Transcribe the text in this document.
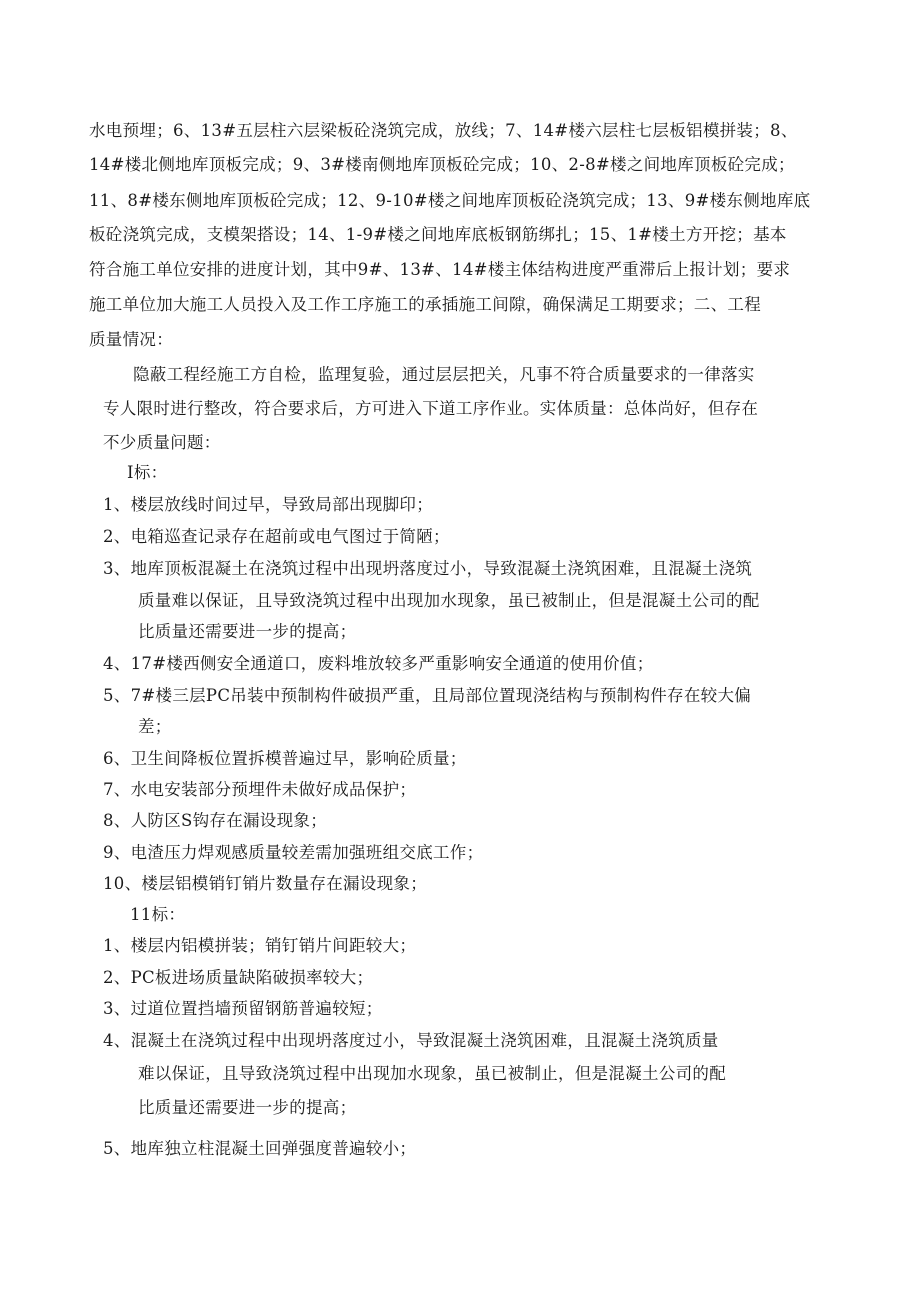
水电预埋；6、13#五层柱六层梁板砼浇筑完成，放线；7、14#楼六层柱七层板铝模拼装；8、
14#楼北侧地库顶板完成；9、3#楼南侧地库顶板砼完成；10、2-8#楼之间地库顶板砼完成；
11、8#楼东侧地库顶板砼完成；12、9-10#楼之间地库顶板砼浇筑完成；13、9#楼东侧地库底
板砼浇筑完成，支模架搭设；14、1-9#楼之间地库底板钢筋绑扎；15、1#楼土方开挖；基本
符合施工单位安排的进度计划，其中9#、13#、14#楼主体结构进度严重滞后上报计划；要求
施工单位加大施工人员投入及工作工序施工的承插施工间隙，确保满足工期要求；二、工程
质量情况：
隐蔽工程经施工方自检，监理复验，通过层层把关，凡事不符合质量要求的一律落实
专人限时进行整改，符合要求后，方可进入下道工序作业。实体质量：总体尚好，但存在
不少质量问题：
I标：
1、楼层放线时间过早，导致局部出现脚印；
2、电箱巡查记录存在超前或电气图过于简陋；
3、地库顶板混凝土在浇筑过程中出现坍落度过小，导致混凝土浇筑困难，且混凝土浇筑
质量难以保证，且导致浇筑过程中出现加水现象，虽已被制止，但是混凝土公司的配
比质量还需要进一步的提高；
4、17#楼西侧安全通道口，废料堆放较多严重影响安全通道的使用价值；
5、7#楼三层PC吊装中预制构件破损严重，且局部位置现浇结构与预制构件存在较大偏
差；
6、卫生间降板位置拆模普遍过早，影响砼质量；
7、水电安装部分预埋件未做好成品保护；
8、人防区S钩存在漏设现象；
9、电渣压力焊观感质量较差需加强班组交底工作；
10、楼层铝模销钉销片数量存在漏设现象；
11标：
1、楼层内铝模拼装；销钉销片间距较大；
2、PC板进场质量缺陷破损率较大；
3、过道位置挡墙预留钢筋普遍较短；
4、混凝土在浇筑过程中出现坍落度过小，导致混凝土浇筑困难，且混凝土浇筑质量
难以保证，且导致浇筑过程中出现加水现象，虽已被制止，但是混凝土公司的配
比质量还需要进一步的提高；
5、地库独立柱混凝土回弹强度普遍较小；
